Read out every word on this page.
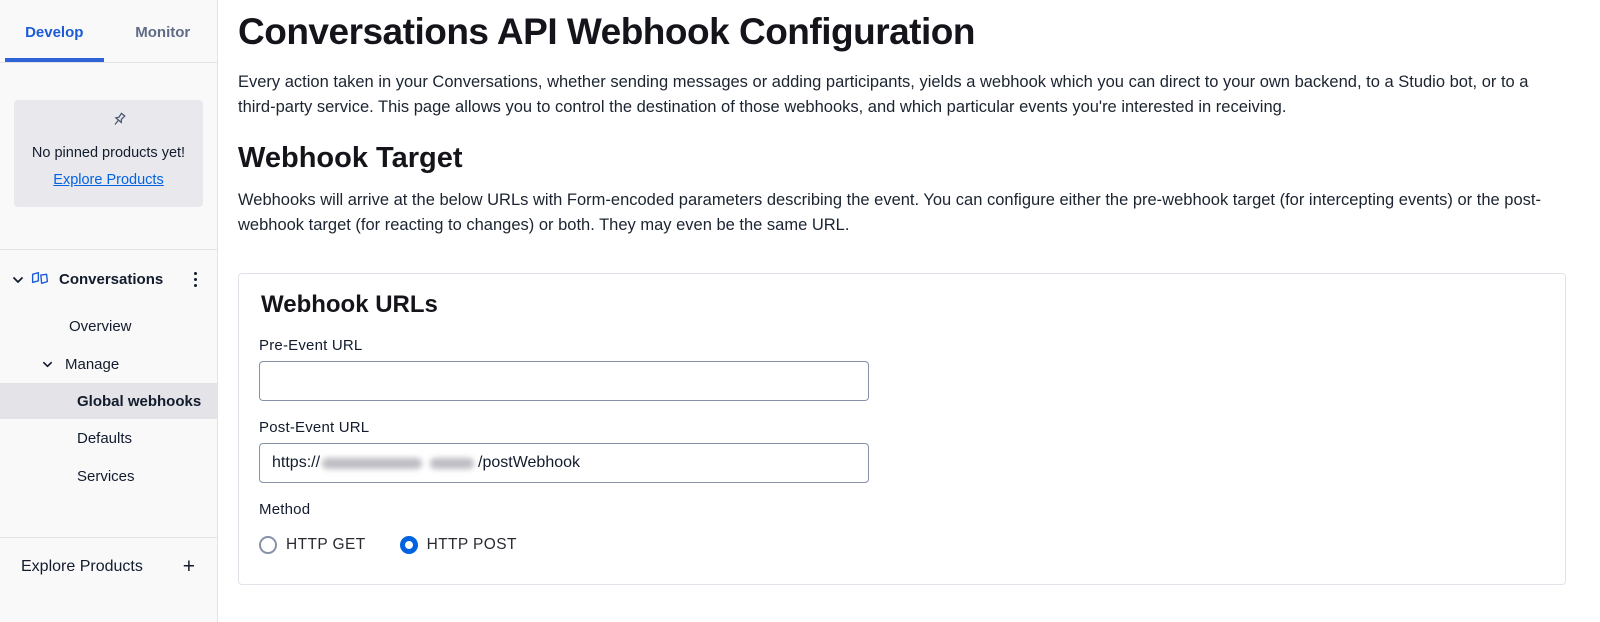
Develop	Monitor
No pinned products yet!
Explore Products
Conversations
Overview
Manage
Global webhooks
Defaults
Services
Explore Products +
Conversations API Webhook Configuration

Every action taken in your Conversations, whether sending messages or adding participants, yields a webhook which you can direct to your own backend, to a Studio bot, or to a third-party service. This page allows you to control the destination of those webhooks, and which particular events you're interested in receiving.

Webhook Target

Webhooks will arrive at the below URLs with Form-encoded parameters describing the event. You can configure either the pre-webhook target (for intercepting events) or the post-webhook target (for reacting to changes) or both. They may even be the same URL.

Webhook URLs
Pre-Event URL
Post-Event URL
https://	/postWebhook
Method
HTTP GET	HTTP POST
